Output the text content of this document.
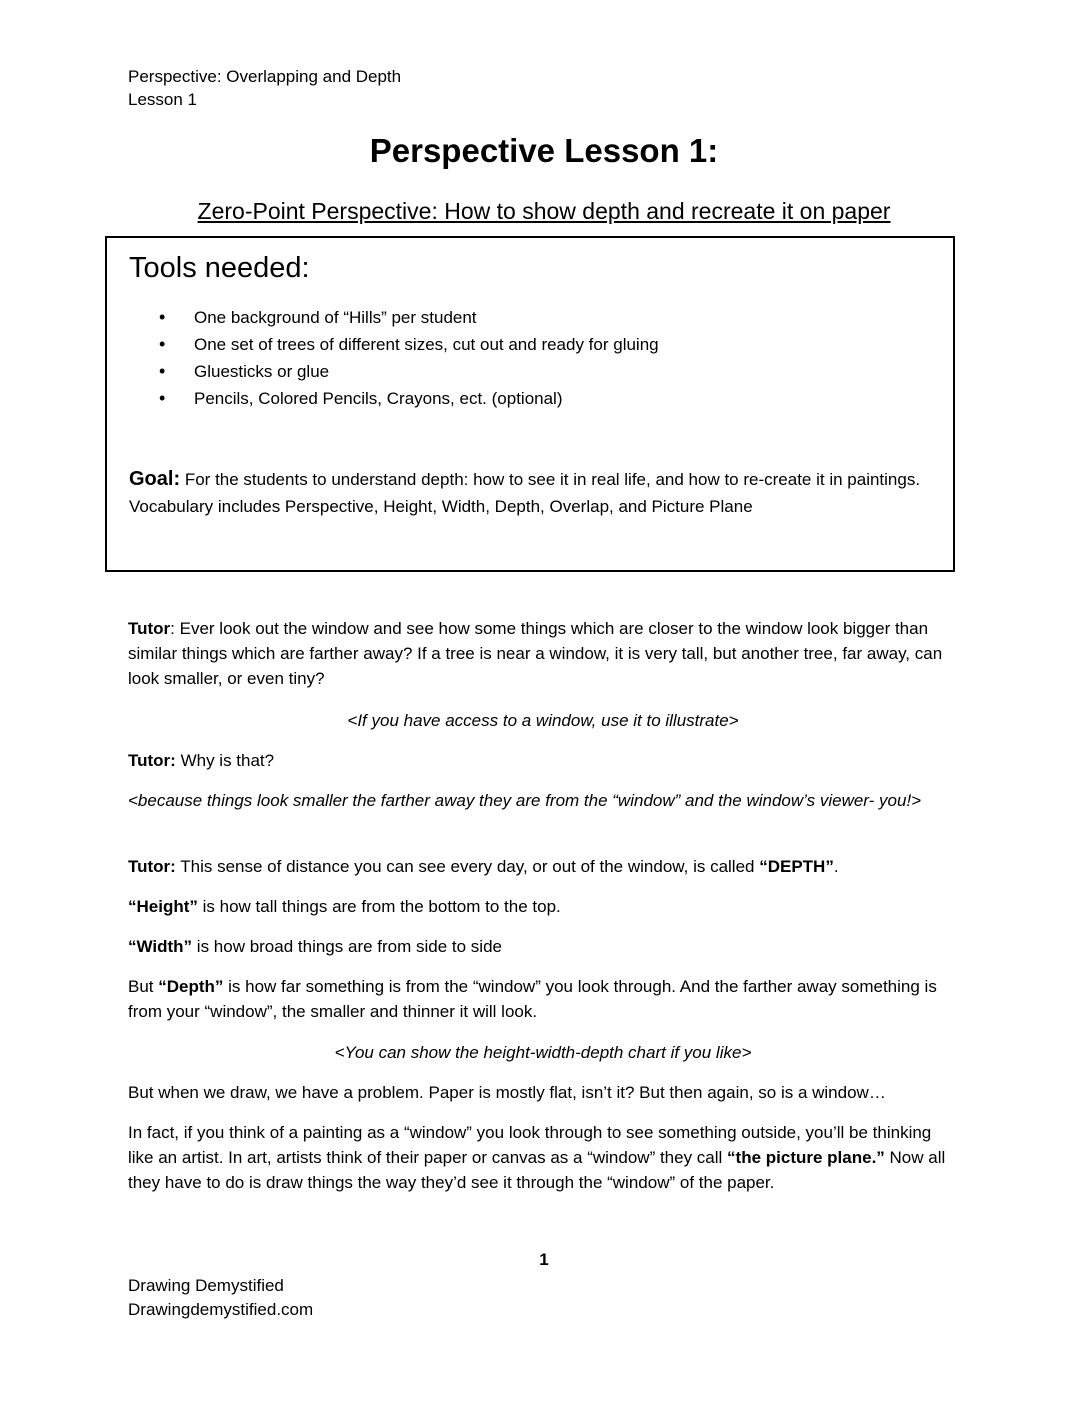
Perspective: Overlapping and Depth
Lesson 1
Perspective Lesson 1:
Zero-Point Perspective: How to show depth and recreate it on paper
Tools needed:
• One background of “Hills” per student
• One set of trees of different sizes, cut out and ready for gluing
• Gluesticks or glue
• Pencils, Colored Pencils, Crayons, ect. (optional)
Goal: For the students to understand depth: how to see it in real life, and how to re-create it in paintings. Vocabulary includes Perspective, Height, Width, Depth, Overlap, and Picture Plane
Tutor: Ever look out the window and see how some things which are closer to the window look bigger than similar things which are farther away? If a tree is near a window, it is very tall, but another tree, far away, can look smaller, or even tiny?
<If you have access to a window, use it to illustrate>
Tutor: Why is that?
<because things look smaller the farther away they are from the “window” and the window’s viewer- you!>
Tutor: This sense of distance you can see every day, or out of the window, is called “DEPTH”.
“Height” is how tall things are from the bottom to the top.
“Width” is how broad things are from side to side
But “Depth” is how far something is from the “window” you look through. And the farther away something is from your “window”, the smaller and thinner it will look.
<You can show the height-width-depth chart if you like>
But when we draw, we have a problem. Paper is mostly flat, isn’t it? But then again, so is a window…
In fact, if you think of a painting as a “window” you look through to see something outside, you’ll be thinking like an artist. In art, artists think of their paper or canvas as a “window” they call “the picture plane.” Now all they have to do is draw things the way they’d see it through the “window” of the paper.
1
Drawing Demystified
Drawingdemystified.com
